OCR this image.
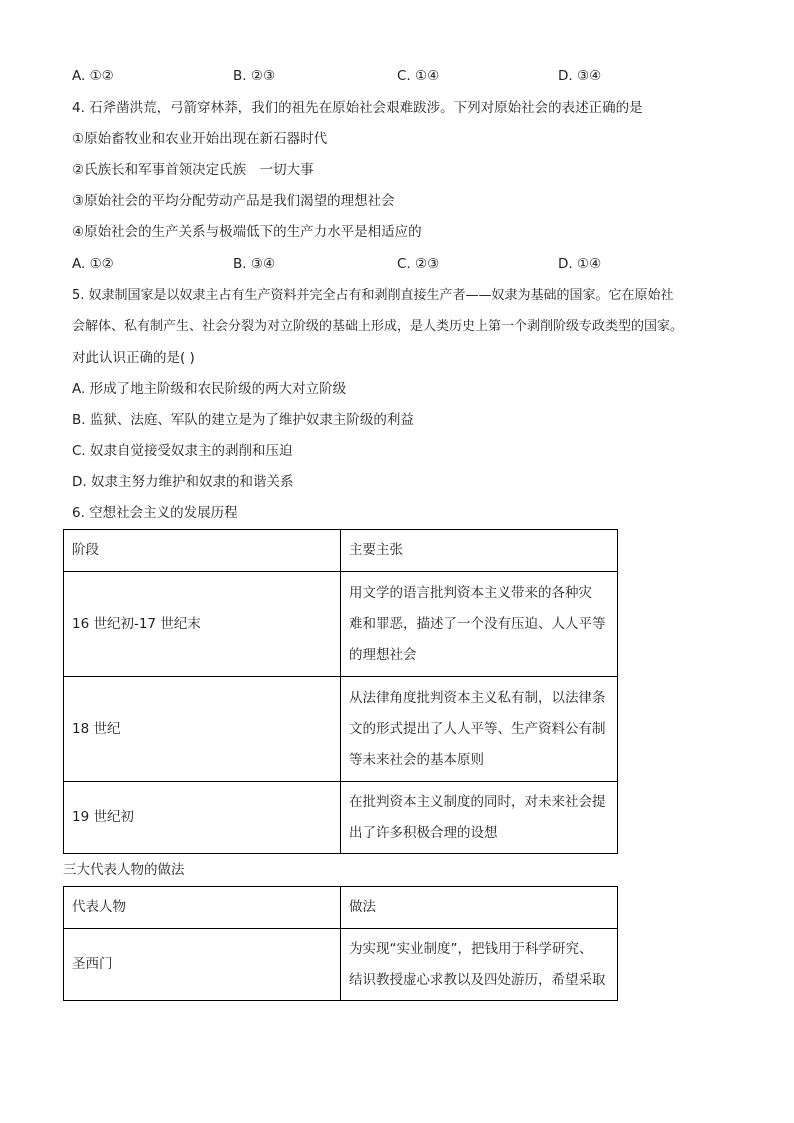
A. ①②	B. ②③	C. ①④	D. ③④
4. 石斧凿洪荒，弓箭穿林莽，我们的祖先在原始社会艰难跋涉。下列对原始社会的表述正确的是
①原始畜牧业和农业开始出现在新石器时代
②氏族长和军事首领决定氏族　一切大事
③原始社会的平均分配劳动产品是我们渴望的理想社会
④原始社会的生产关系与极端低下的生产力水平是相适应的
A. ①②	B. ③④	C. ②③	D. ①④
5. 奴隶制国家是以奴隶主占有生产资料并完全占有和剥削直接生产者——奴隶为基础的国家。它在原始社
会解体、私有制产生、社会分裂为对立阶级的基础上形成，是人类历史上第一个剥削阶级专政类型的国家。
对此认识正确的是( )
A. 形成了地主阶级和农民阶级的两大对立阶级
B. 监狱、法庭、军队的建立是为了维护奴隶主阶级的利益
C. 奴隶自觉接受奴隶主的剥削和压迫
D. 奴隶主努力维护和奴隶的和谐关系
6. 空想社会主义的发展历程
阶段	主要主张
16 世纪初-17 世纪末	用文学的语言批判资本主义带来的各种灾
难和罪恶，描述了一个没有压迫、人人平等
的理想社会

18 世纪	从法律角度批判资本主义私有制，以法律条
文的形式提出了人人平等、生产资料公有制
等未来社会的基本原则

19 世纪初	在批判资本主义制度的同时，对未来社会提
出了许多积极合理的设想
三大代表人物的做法
代表人物	做法
圣西门	为实现“实业制度”，把钱用于科学研究、
结识教授虚心求教以及四处游历，希望采取
